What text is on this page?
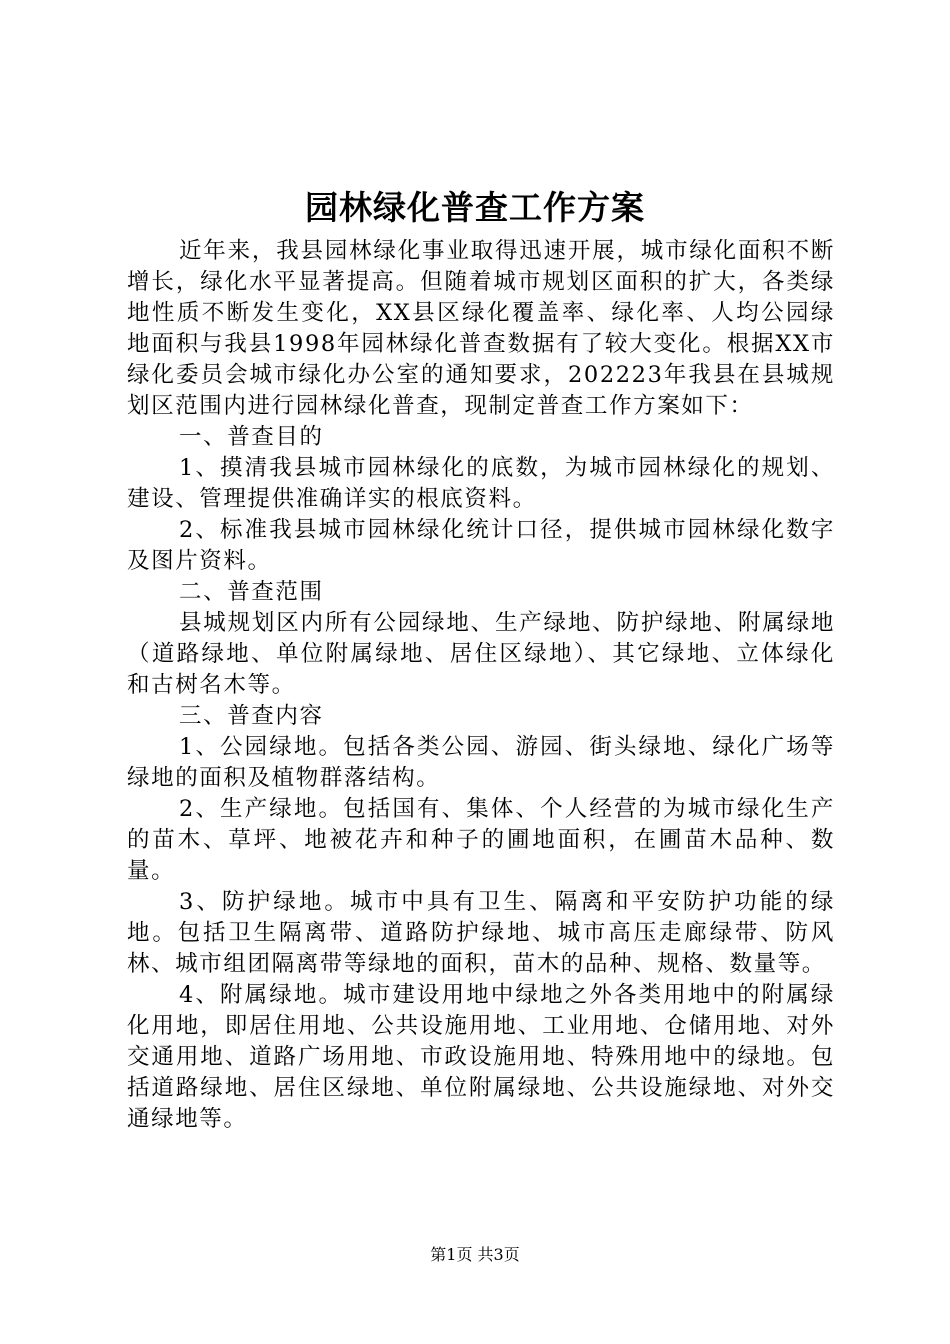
园林绿化普查工作方案

近年来，我县园林绿化事业取得迅速开展，城市绿化面积不断增长，绿化水平显著提高。但随着城市规划区面积的扩大，各类绿地性质不断发生变化，XX县区绿化覆盖率、绿化率、人均公园绿地面积与我县1998年园林绿化普查数据有了较大变化。根据XX市绿化委员会城市绿化办公室的通知要求，202223年我县在县城规划区范围内进行园林绿化普查，现制定普查工作方案如下：

一、普查目的

1、摸清我县城市园林绿化的底数，为城市园林绿化的规划、建设、管理提供准确详实的根底资料。

2、标准我县城市园林绿化统计口径，提供城市园林绿化数字及图片资料。

二、普查范围

县城规划区内所有公园绿地、生产绿地、防护绿地、附属绿地（道路绿地、单位附属绿地、居住区绿地）、其它绿地、立体绿化和古树名木等。

三、普查内容

1、公园绿地。包括各类公园、游园、街头绿地、绿化广场等绿地的面积及植物群落结构。

2、生产绿地。包括国有、集体、个人经营的为城市绿化生产的苗木、草坪、地被花卉和种子的圃地面积，在圃苗木品种、数量。

3、防护绿地。城市中具有卫生、隔离和平安防护功能的绿地。包括卫生隔离带、道路防护绿地、城市高压走廊绿带、防风林、城市组团隔离带等绿地的面积，苗木的品种、规格、数量等。

4、附属绿地。城市建设用地中绿地之外各类用地中的附属绿化用地，即居住用地、公共设施用地、工业用地、仓储用地、对外交通用地、道路广场用地、市政设施用地、特殊用地中的绿地。包括道路绿地、居住区绿地、单位附属绿地、公共设施绿地、对外交通绿地等。

第1页 共3页
